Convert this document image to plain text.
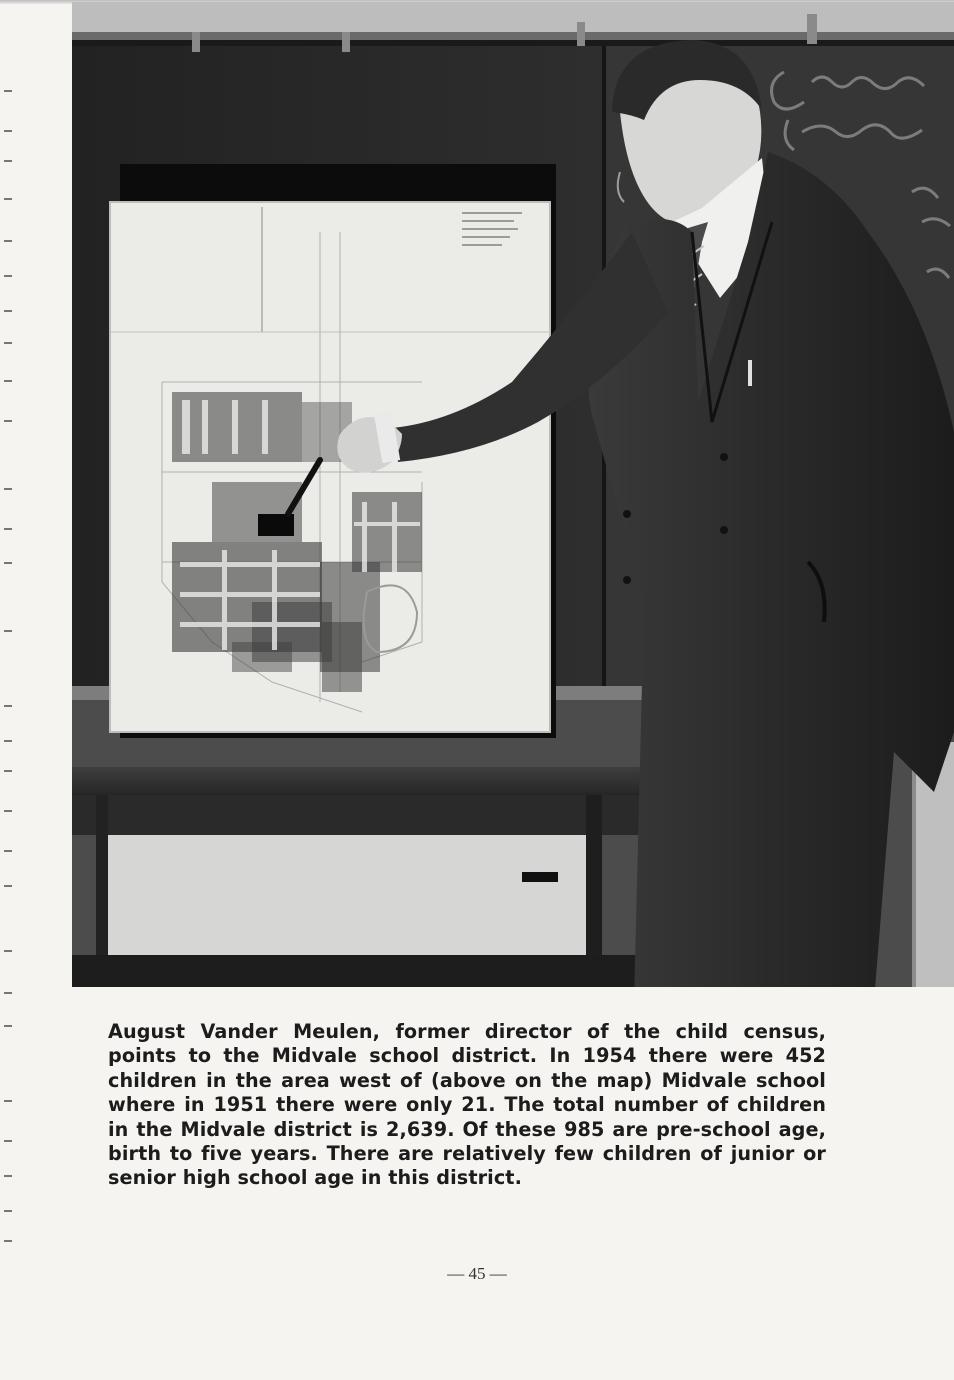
August Vander Meulen, former director of the child census, points to the Midvale school district. In 1954 there were 452 children in the area west of (above on the map) Midvale school where in 1951 there were only 21. The total number of children in the Midvale district is 2,639. Of these 985 are pre-school age, birth to five years. There are relatively few children of junior or senior high school age in this district.
— 45 —
